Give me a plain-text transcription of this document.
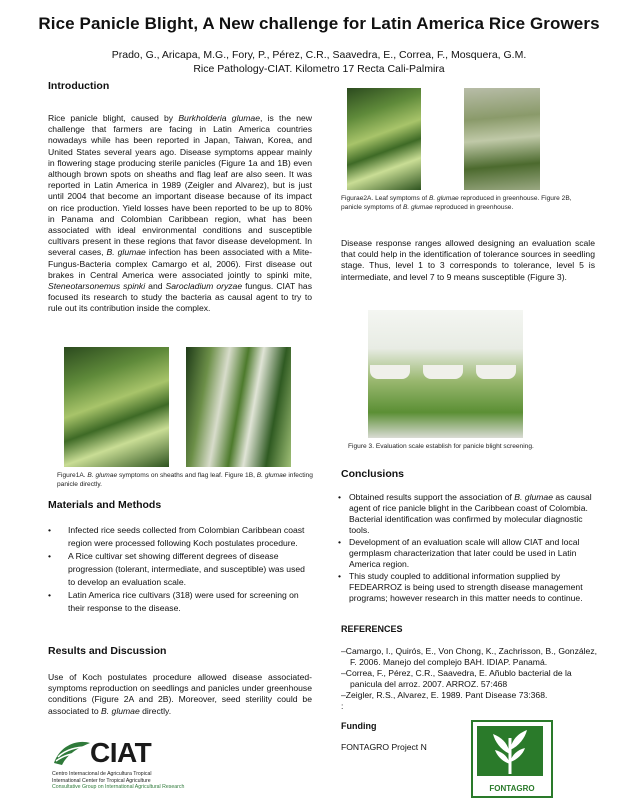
Rice Panicle Blight, A New challenge for Latin America Rice Growers
Prado, G., Aricapa, M.G., Fory, P., Pérez, C.R., Saavedra, E., Correa, F., Mosquera, G.M.
Rice Pathology-CIAT. Kilometro 17 Recta Cali-Palmira
Introduction
Rice panicle blight, caused by Burkholderia glumae, is the new challenge that farmers are facing in Latin America countries nowadays while has been reported in Japan, Taiwan, Korea, and United States several years ago. Disease symptoms appear mainly in flowering stage producing sterile panicles (Figure 1a and 1B) even although brown spots on sheaths and flag leaf are also seen. It was reported in Latin America in 1989 (Zeigler and Alvarez), but is just until 2004 that become an important disease because of its impact on rice production. Yield losses have been reported to be up to 80% in Panama and Colombian Caribbean region, what has been associated with ideal environmental conditions and susceptible cultivars present in these regions that favor disease development. In several cases, B. glumae infection has been associated with a Mite-Fungus-Bacteria complex Camargo et al, 2006). First disease out brakes in Central America were associated jointly to spinki mite, Steneotarsonemus spinki and Sarocladium oryzae fungus. CIAT has focused its research to study the bacteria as causal agent to try to rule out its contribution inside the complex.
Figure1A. B. glumae symptoms on sheaths and flag leaf. Figure 1B, B. glumae infecting panicle directly.
Materials and Methods
• Infected rice seeds collected from Colombian Caribbean coast region were processed following Koch postulates procedure.
• A Rice cultivar set showing different degrees of disease progression (tolerant, intermediate, and susceptible) was used to develop an evaluation scale.
• Latin America rice cultivars (318) were used for screening on their response to the disease.
Results and Discussion
Use of Koch postulates procedure allowed disease associated-symptoms reproduction on seedlings and panicles under greenhouse conditions (Figure 2A and 2B). Moreover, seed sterility could be associated to B. glumae directly.
CIAT
Centro Internacional de Agricultura Tropical
International Center for Tropical Agriculture
Consultative Group on International Agricultural Research
Figurae2A. Leaf symptoms of B. glumae reproduced in greenhouse. Figure 2B, panicle symptoms of B. glumae reproduced in greenhouse.
Disease response ranges allowed designing an evaluation scale that could help in the identification of tolerance sources in seedling stage. Thus, level 1 to 3 corresponds to tolerance, level 5 is intermediate, and level 7 to 9 means susceptible (Figure 3).
Figure 3. Evaluation scale establish for panicle blight screening.
Conclusions
• Obtained results support the association of B. glumae as causal agent of rice panicle blight in the Caribbean coast of Colombia. Bacterial identification was confirmed by molecular diagnostic tools.
• Development of an evaluation scale will allow CIAT and local germplasm characterization that later could be used in Latin America region.
• This study coupled to additional information supplied by FEDEARROZ is being used to strength disease management programs; however research in this matter needs to continue.
REFERENCES
–Camargo, I., Quirós, E., Von Chong, K., Zachrisson, B., González, F. 2006. Manejo del complejo BAH. IDIAP. Panamá.
–Correa, F., Pérez, C.R., Saavedra, E. Añublo bacterial de la panicula del arroz. 2007. ARROZ. 57:468
–Zeigler, R.S., Alvarez, E. 1989. Pant Disease 73:368.
:
Funding
FONTAGRO Project N
FONTAGRO
